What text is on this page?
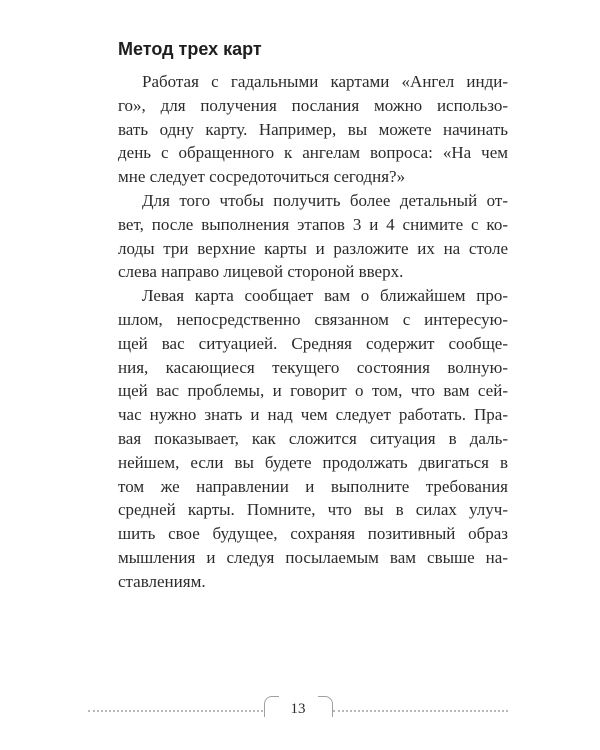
Метод трех карт
Работая с гадальными картами «Ангел инди-
го», для получения послания можно использо-
вать одну карту. Например, вы можете начинать
день с обращенного к ангелам вопроса: «На чем
мне следует сосредоточиться сегодня?»
Для того чтобы получить более детальный от-
вет, после выполнения этапов 3 и 4 снимите с ко-
лоды три верхние карты и разложите их на столе
слева направо лицевой стороной вверх.
Левая карта сообщает вам о ближайшем про-
шлом, непосредственно связанном с интересую-
щей вас ситуацией. Средняя содержит сообще-
ния, касающиеся текущего состояния волную-
щей вас проблемы, и говорит о том, что вам сей-
час нужно знать и над чем следует работать. Пра-
вая показывает, как сложится ситуация в даль-
нейшем, если вы будете продолжать двигаться в
том же направлении и выполните требования
средней карты. Помните, что вы в силах улуч-
шить свое будущее, сохраняя позитивный образ
мышления и следуя посылаемым вам свыше на-
ставлениям.
13
